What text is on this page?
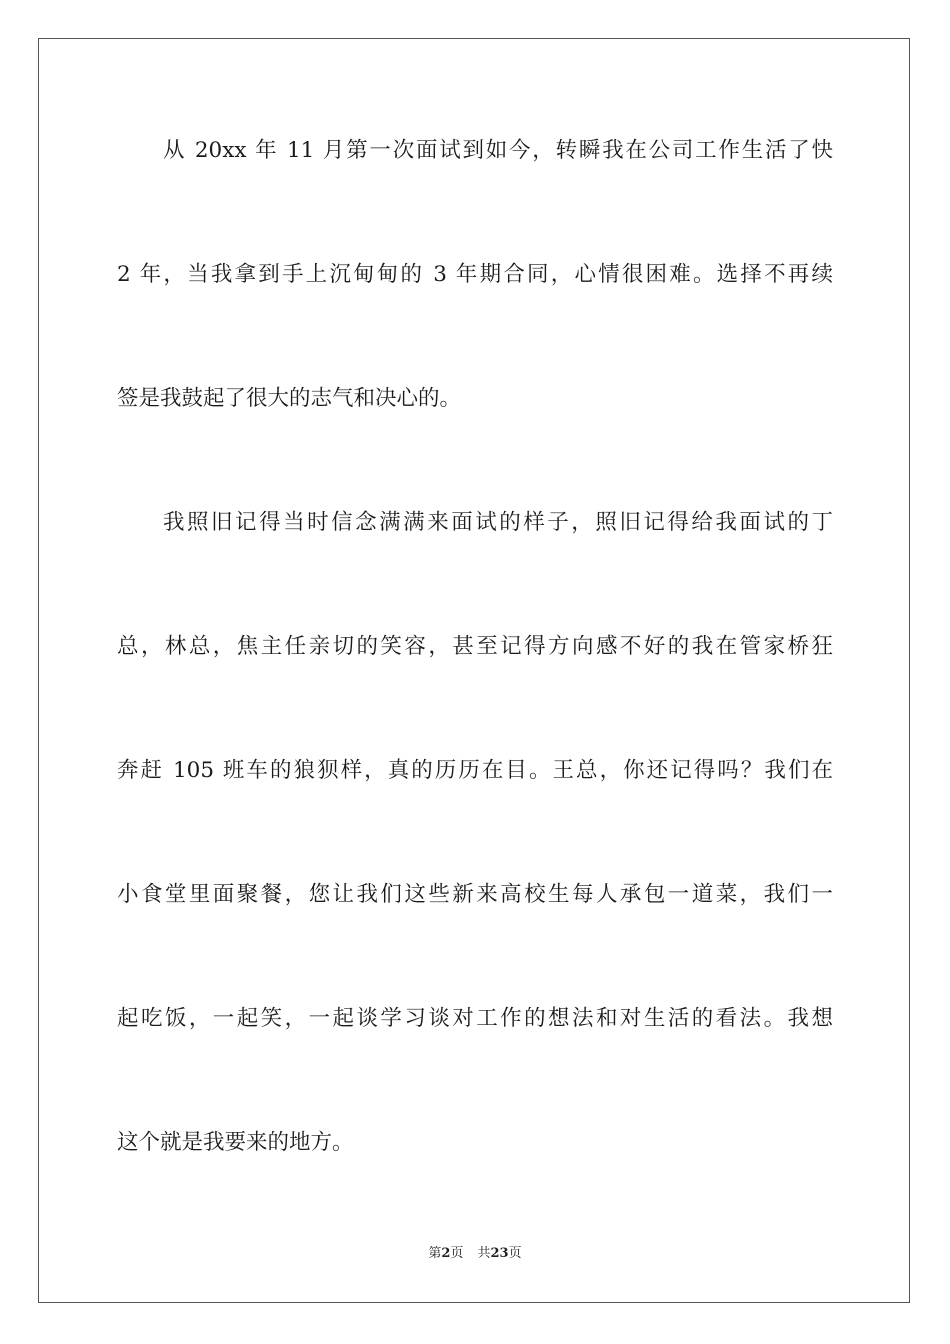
从 20xx 年 11 月第一次面试到如今，转瞬我在公司工作生活了快
2 年，当我拿到手上沉甸甸的 3 年期合同，心情很困难。选择不再续
签是我鼓起了很大的志气和决心的。
我照旧记得当时信念满满来面试的样子，照旧记得给我面试的丁
总，林总，焦主任亲切的笑容，甚至记得方向感不好的我在管家桥狂
奔赶 105 班车的狼狈样，真的历历在目。王总，你还记得吗？我们在
小食堂里面聚餐，您让我们这些新来高校生每人承包一道菜，我们一
起吃饭，一起笑，一起谈学习谈对工作的想法和对生活的看法。我想
这个就是我要来的地方。
第2页 共23页
